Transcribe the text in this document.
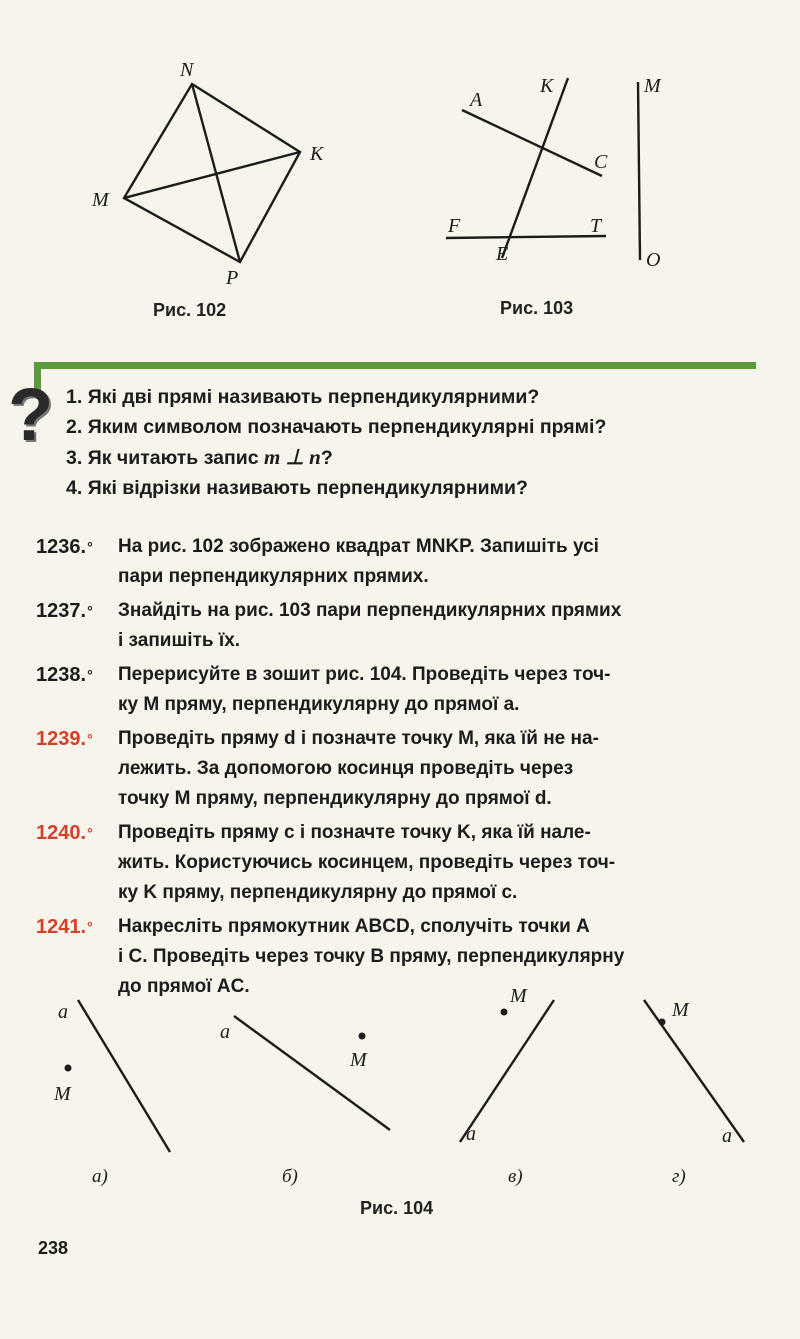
N
K
M
P
Рис. 102
A
K
C
F	T
E
M
O
Рис. 103
? 1. Які дві прямі називають перпендикулярними?
2. Яким символом позначають перпендикулярні прямі?
3. Як читають запис m ⊥ n?
4. Які відрізки називають перпендикулярними?
1236.°	На рис. 102 зображено квадрат MNKP. Запишіть усі
пари перпендикулярних прямих.
1237.°	Знайдіть на рис. 103 пари перпендикулярних прямих
і запишіть їх.
1238.°	Перерисуйте в зошит рис. 104. Проведіть через точ-
ку M пряму, перпендикулярну до прямої a.
1239.°	Проведіть пряму d і позначте точку M, яка їй не на-
лежить. За допомогою косинця проведіть через
точку M пряму, перпендикулярну до прямої d.
1240.°	Проведіть пряму c і позначте точку K, яка їй нале-
жить. Користуючись косинцем, проведіть через точ-
ку K пряму, перпендикулярну до прямої c.
1241.°	Накресліть прямокутник ABCD, сполучіть точки A
і C. Проведіть через точку B пряму, перпендикулярну
до прямої AC.
a
M
a
M
M
a
M
a
а)	б)	в)	г)
Рис. 104
238
